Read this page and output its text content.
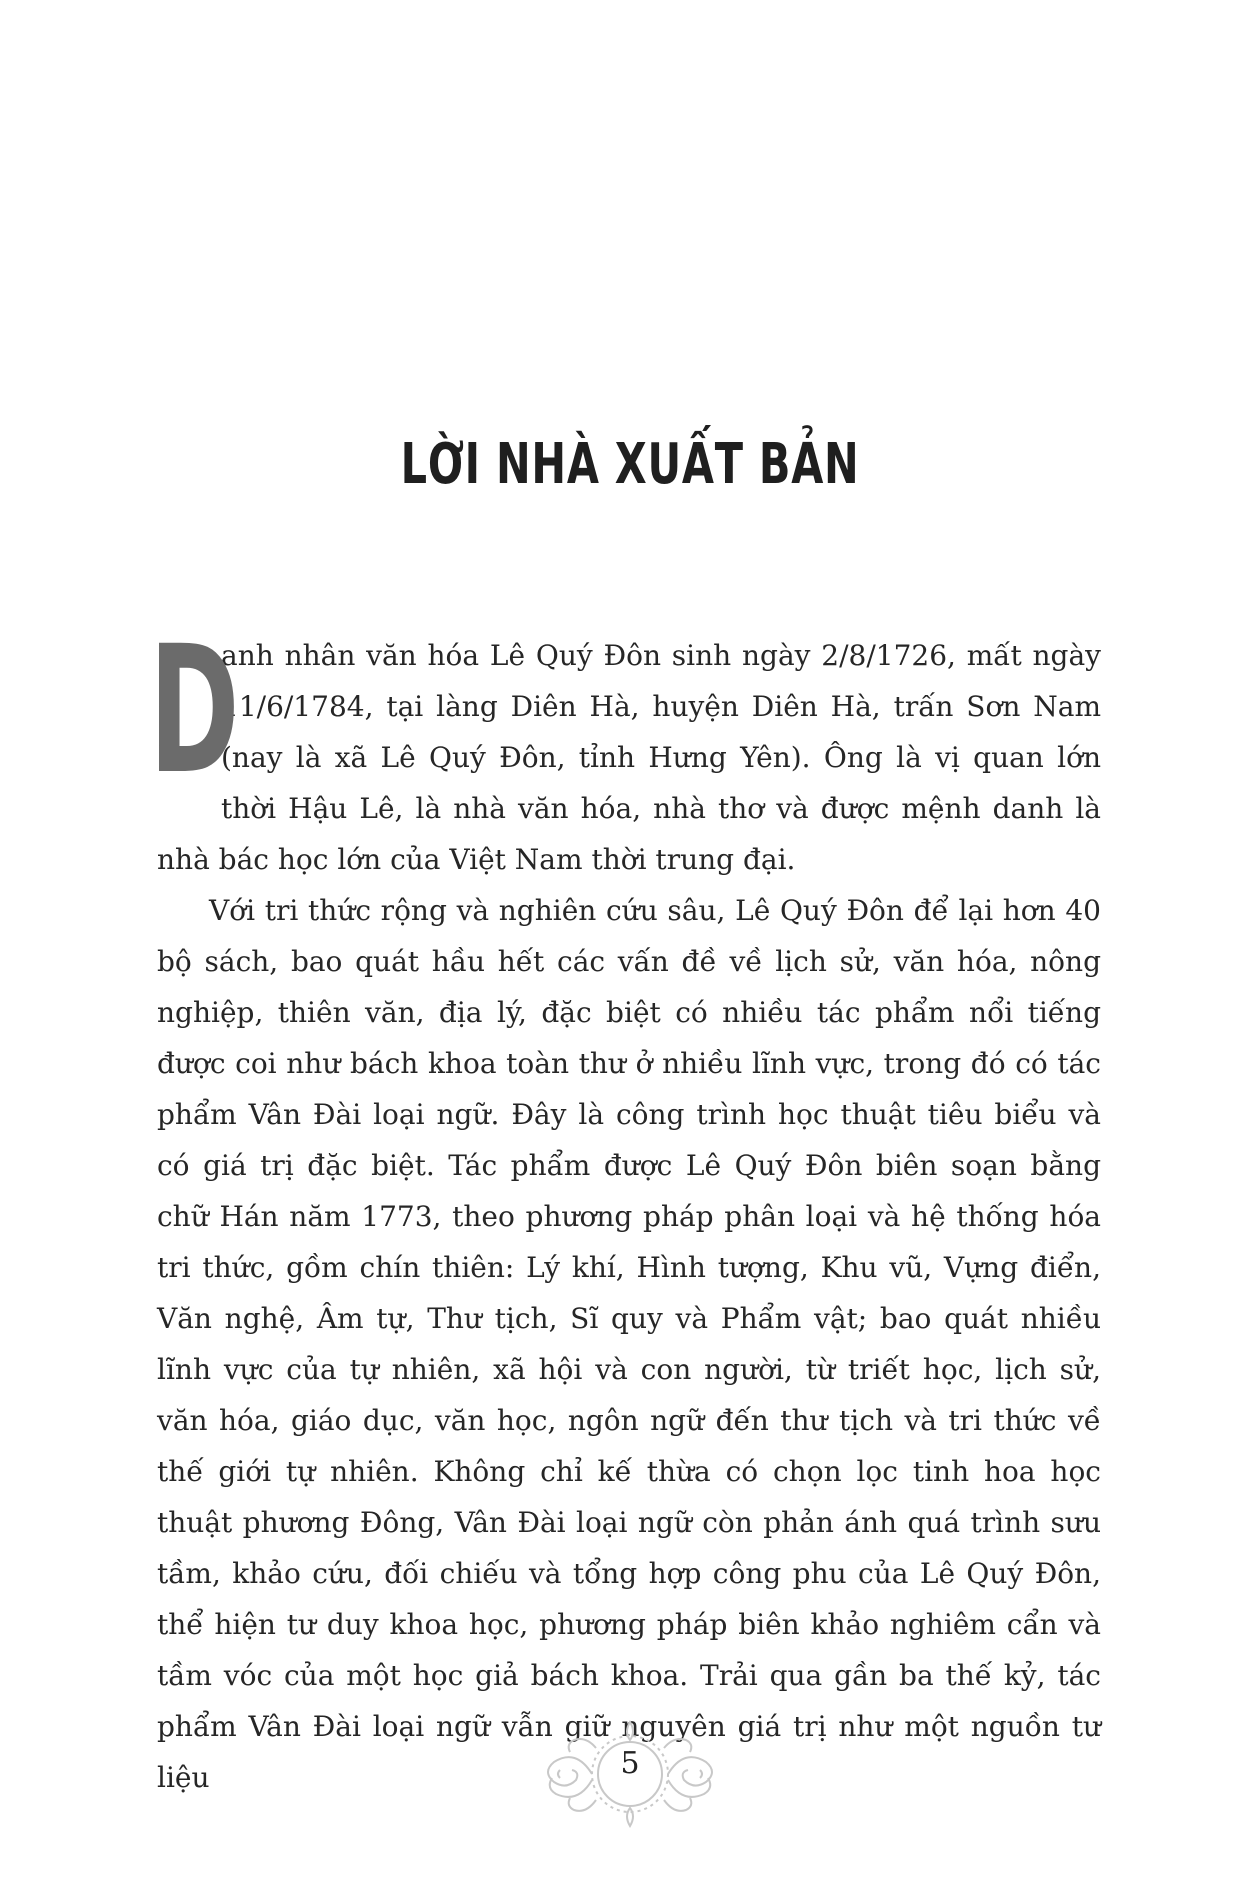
LỜI NHÀ XUẤT BẢN

D
anh nhân văn hóa Lê Quý Đôn sinh ngày 2/8/1726, mất ngày 11/6/1784, tại làng Diên Hà, huyện Diên Hà, trấn Sơn Nam (nay là xã Lê Quý Đôn, tỉnh Hưng Yên). Ông là vị quan lớn thời Hậu Lê, là nhà văn hóa, nhà thơ và được mệnh danh là nhà bác học lớn của Việt Nam thời trung đại.

Với tri thức rộng và nghiên cứu sâu, Lê Quý Đôn để lại hơn 40 bộ sách, bao quát hầu hết các vấn đề về lịch sử, văn hóa, nông nghiệp, thiên văn, địa lý, đặc biệt có nhiều tác phẩm nổi tiếng được coi như bách khoa toàn thư ở nhiều lĩnh vực, trong đó có tác phẩm Vân Đài loại ngữ. Đây là công trình học thuật tiêu biểu và có giá trị đặc biệt. Tác phẩm được Lê Quý Đôn biên soạn bằng chữ Hán năm 1773, theo phương pháp phân loại và hệ thống hóa tri thức, gồm chín thiên: Lý khí, Hình tượng, Khu vũ, Vựng điển, Văn nghệ, Âm tự, Thư tịch, Sĩ quy và Phẩm vật; bao quát nhiều lĩnh vực của tự nhiên, xã hội và con người, từ triết học, lịch sử, văn hóa, giáo dục, văn học, ngôn ngữ đến thư tịch và tri thức về thế giới tự nhiên. Không chỉ kế thừa có chọn lọc tinh hoa học thuật phương Đông, Vân Đài loại ngữ còn phản ánh quá trình sưu tầm, khảo cứu, đối chiếu và tổng hợp công phu của Lê Quý Đôn, thể hiện tư duy khoa học, phương pháp biên khảo nghiêm cẩn và tầm vóc của một học giả bách khoa. Trải qua gần ba thế kỷ, tác phẩm Vân Đài loại ngữ vẫn giữ nguyên giá trị như một nguồn tư liệu	5
